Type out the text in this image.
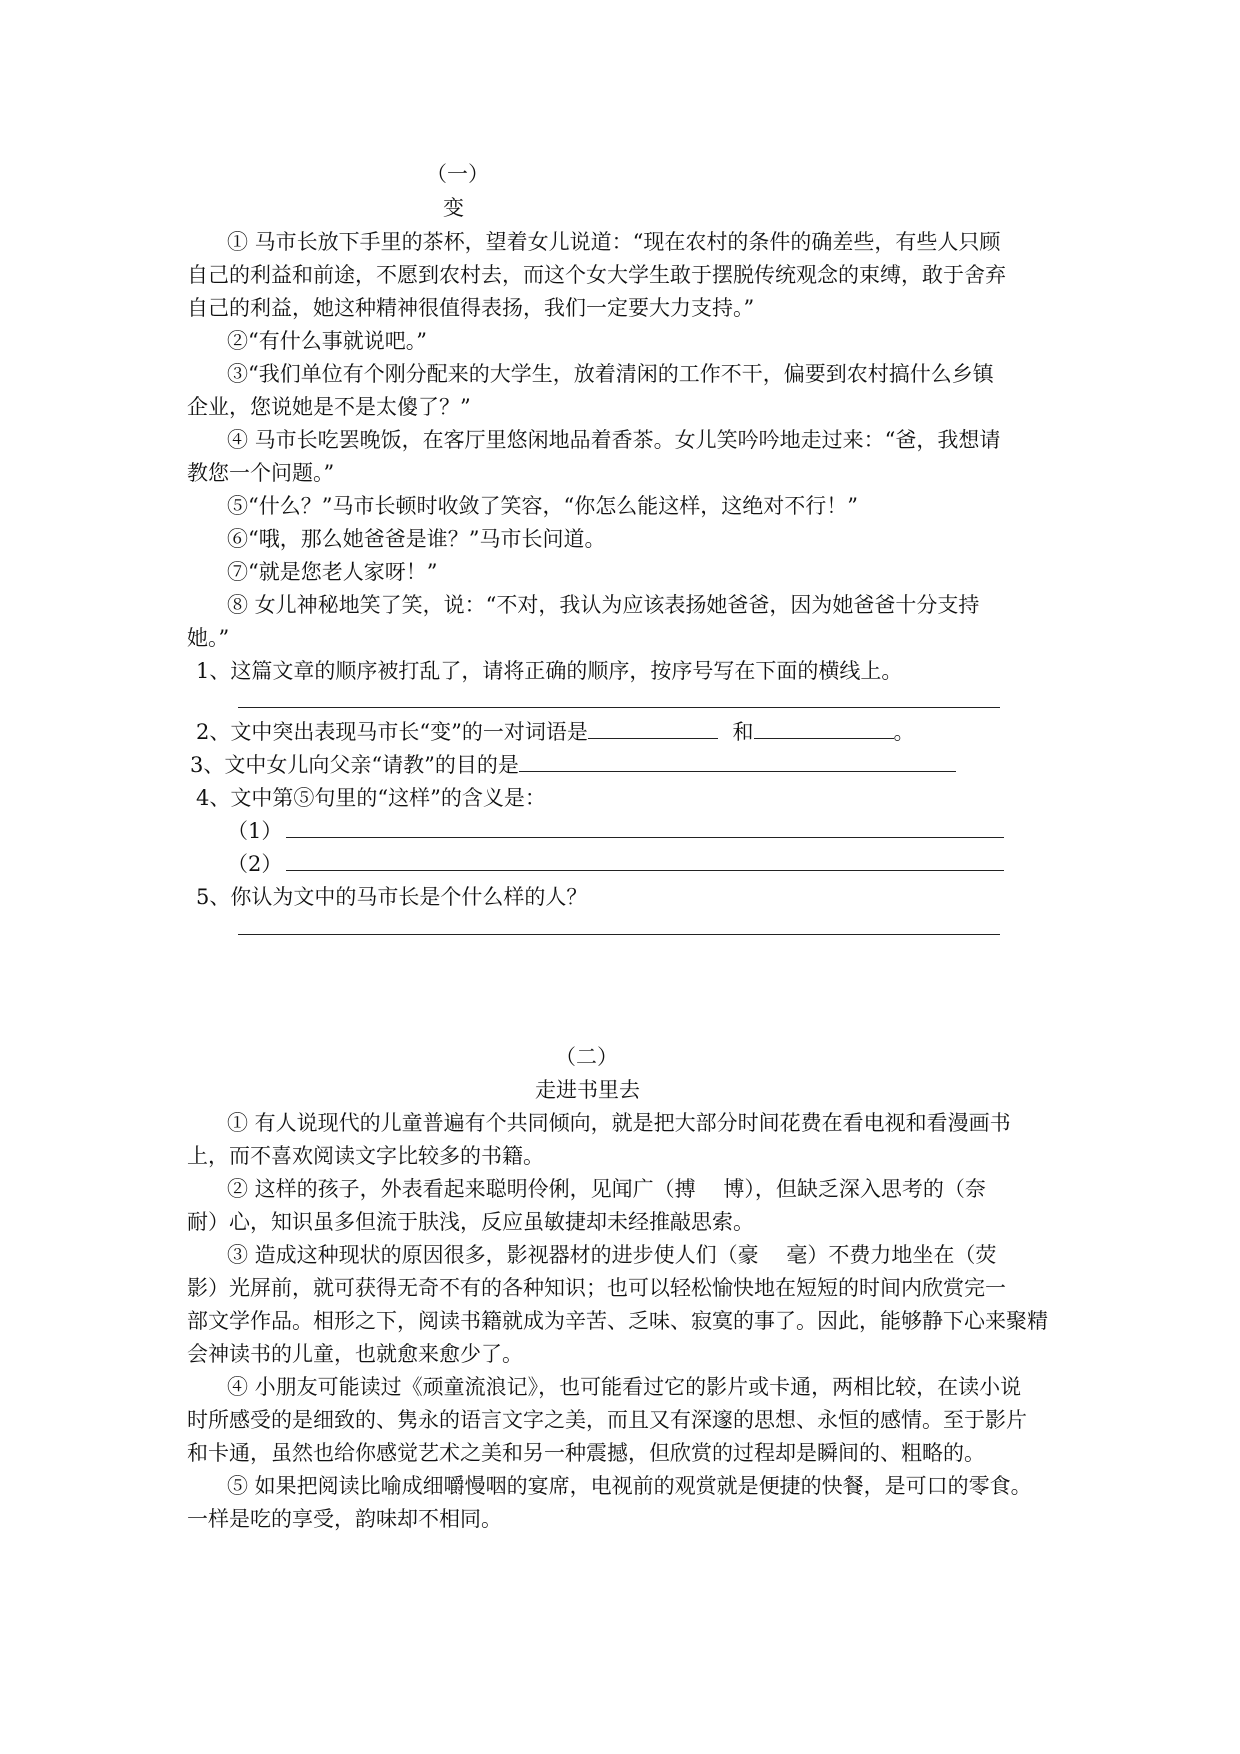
（一）
变
① 马市长放下手里的茶杯，望着女儿说道：“现在农村的条件的确差些，有些人只顾
自己的利益和前途，不愿到农村去，而这个女大学生敢于摆脱传统观念的束缚，敢于舍弃
自己的利益，她这种精神很值得表扬，我们一定要大力支持。”
②“有什么事就说吧。”
③“我们单位有个刚分配来的大学生，放着清闲的工作不干，偏要到农村搞什么乡镇
企业，您说她是不是太傻了？”
④ 马市长吃罢晚饭，在客厅里悠闲地品着香茶。女儿笑吟吟地走过来：“爸，我想请
教您一个问题。”
⑤“什么？”马市长顿时收敛了笑容，“你怎么能这样，这绝对不行！”
⑥“哦，那么她爸爸是谁？”马市长问道。
⑦“就是您老人家呀！”
⑧ 女儿神秘地笑了笑，说：“不对，我认为应该表扬她爸爸，因为她爸爸十分支持
她。”
1、这篇文章的顺序被打乱了，请将正确的顺序，按序号写在下面的横线上。
2、文中突出表现马市长“变”的一对词语是	和	。
3、文中女儿向父亲“请教”的目的是
4、文中第⑤句里的“这样”的含义是：
（1）
（2）
5、你认为文中的马市长是个什么样的人？
（二）
走进书里去
① 有人说现代的儿童普遍有个共同倾向，就是把大部分时间花费在看电视和看漫画书
上，而不喜欢阅读文字比较多的书籍。
② 这样的孩子，外表看起来聪明伶俐，见闻广（搏　 博），但缺乏深入思考的（奈
耐）心，知识虽多但流于肤浅，反应虽敏捷却未经推敲思索。
③ 造成这种现状的原因很多，影视器材的进步使人们（豪　 毫）不费力地坐在（荧
影）光屏前，就可获得无奇不有的各种知识；也可以轻松愉快地在短短的时间内欣赏完一
部文学作品。相形之下，阅读书籍就成为辛苦、乏味、寂寞的事了。因此，能够静下心来聚精
会神读书的儿童，也就愈来愈少了。
④ 小朋友可能读过《顽童流浪记》，也可能看过它的影片或卡通，两相比较，在读小说
时所感受的是细致的、隽永的语言文字之美，而且又有深邃的思想、永恒的感情。至于影片
和卡通，虽然也给你感觉艺术之美和另一种震撼，但欣赏的过程却是瞬间的、粗略的。
⑤ 如果把阅读比喻成细嚼慢咽的宴席，电视前的观赏就是便捷的快餐，是可口的零食。
一样是吃的享受，韵味却不相同。
